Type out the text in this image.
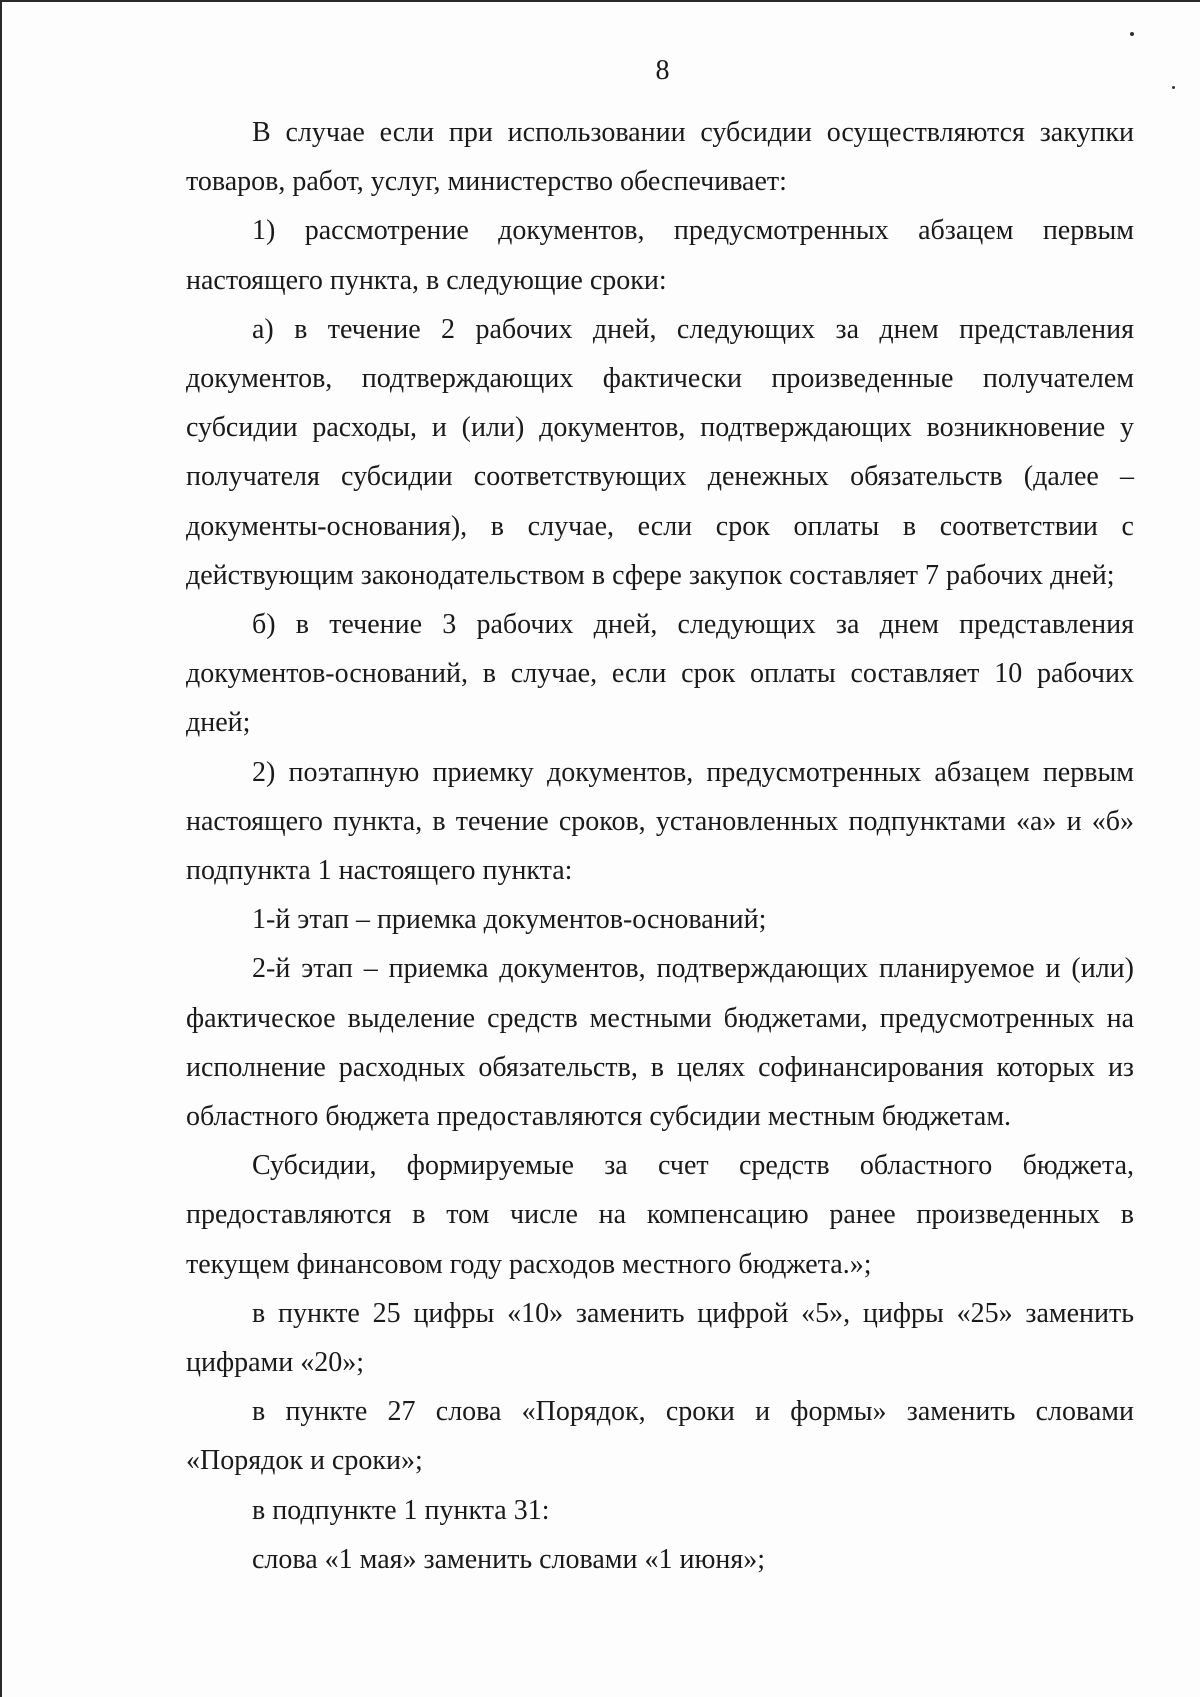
8

В случае если при использовании субсидии осуществляются закупки товаров, работ, услуг, министерство обеспечивает:

1) рассмотрение документов, предусмотренных абзацем первым настоящего пункта, в следующие сроки:

а) в течение 2 рабочих дней, следующих за днем представления документов, подтверждающих фактически произведенные получателем субсидии расходы, и (или) документов, подтверждающих возникновение у получателя субсидии соответствующих денежных обязательств (далее – документы-основания), в случае, если срок оплаты в соответствии с действующим законодательством в сфере закупок составляет 7 рабочих дней;

б) в течение 3 рабочих дней, следующих за днем представления документов-оснований, в случае, если срок оплаты составляет 10 рабочих дней;

2) поэтапную приемку документов, предусмотренных абзацем первым настоящего пункта, в течение сроков, установленных подпунктами «а» и «б» подпункта 1 настоящего пункта:

1-й этап – приемка документов-оснований;

2-й этап – приемка документов, подтверждающих планируемое и (или) фактическое выделение средств местными бюджетами, предусмотренных на исполнение расходных обязательств, в целях софинансирования которых из областного бюджета предоставляются субсидии местным бюджетам.

Субсидии, формируемые за счет средств областного бюджета, предоставляются в том числе на компенсацию ранее произведенных в текущем финансовом году расходов местного бюджета.»;

в пункте 25 цифры «10» заменить цифрой «5», цифры «25» заменить цифрами «20»;

в пункте 27 слова «Порядок, сроки и формы» заменить словами «Порядок и сроки»;

в подпункте 1 пункта 31:

слова «1 мая» заменить словами «1 июня»;
